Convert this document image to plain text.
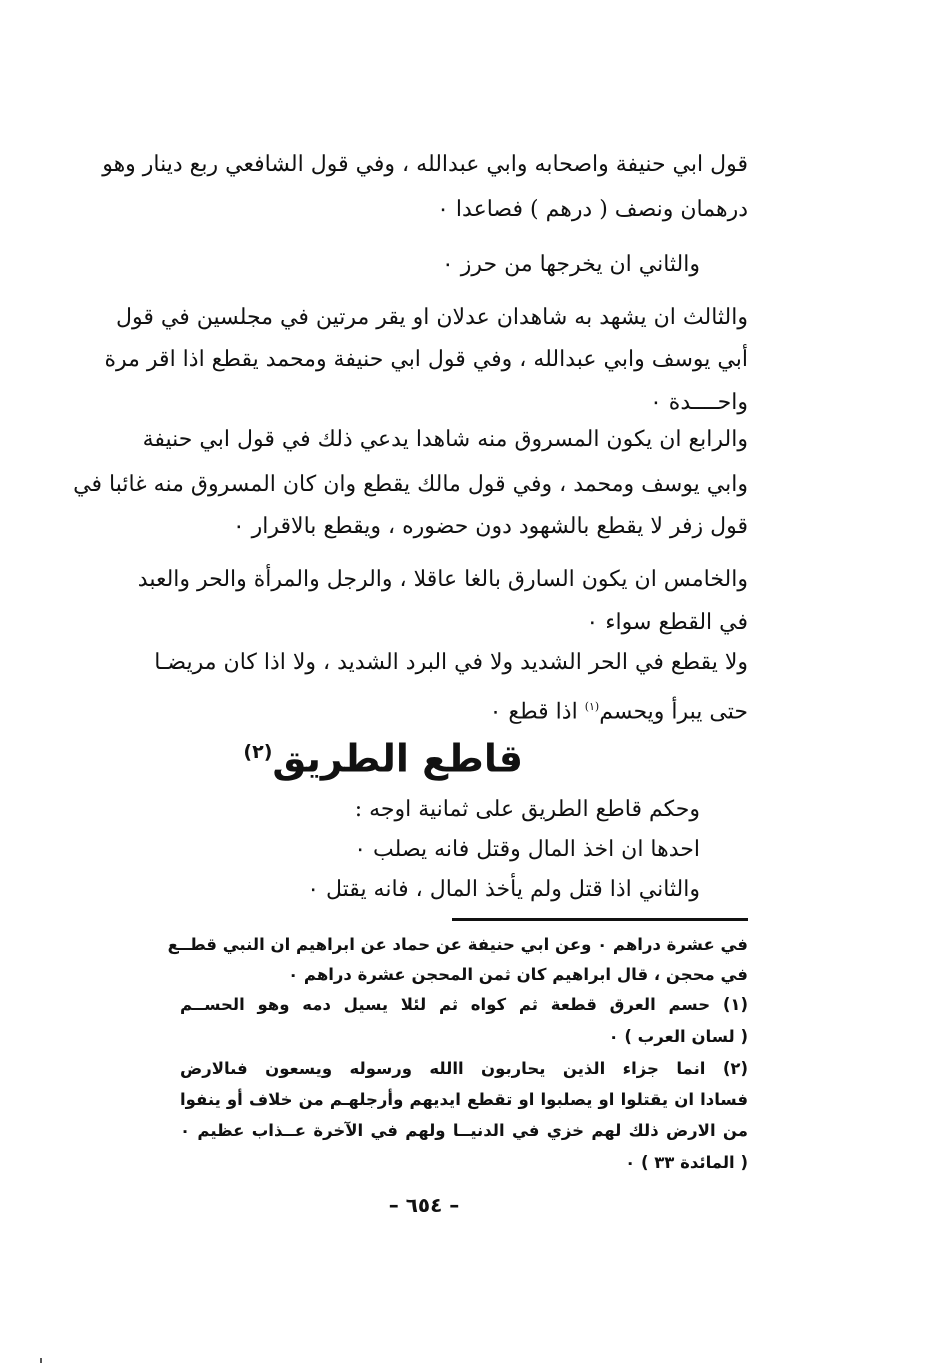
قول ابي حنيفة واصحابه وابي عبدالله ، وفي قول الشافعي ربع دينار وهو
درهمان ونصف ( درهم ) فصاعدا ٠
والثاني ان يخرجها من حرز ٠
والثالث ان يشهد به شاهدان عدلان او يقر مرتين في مجلسين في قول
أبي يوسف وابي عبدالله ، وفي قول ابي حنيفة ومحمد يقطع اذا اقر مرة
واحــــدة ٠
والرابع ان يكون المسروق منه شاهدا يدعي ذلك في قول ابي حنيفة
وابي يوسف ومحمد ، وفي قول مالك يقطع وان كان المسروق منه غائبا في
قول زفر لا يقطع بالشهود دون حضوره ، ويقطع بالاقرار ٠
والخامس ان يكون السارق بالغا عاقلا ، والرجل والمرأة والحر والعبد
في القطع سواء ٠
ولا يقطع في الحر الشديد ولا في البرد الشديد ، ولا اذا كان مريضـا
حتى يبرأ ويحسم$^{(١)}$ اذا قطع ٠
قاطع الطريق$^{(٢)}$
وحكم قاطع الطريق على ثمانية اوجه :
احدها ان اخذ المال وقتل فانه يصلب ٠
والثاني اذا قتل ولم يأخذ المال ، فانه يقتل ٠
في عشرة دراهم ٠ وعن ابي حنيفة عن حماد عن ابراهيم ان النبي قطــع
في محجن ، قال ابراهيم كان ثمن المحجن عشرة دراهم ٠
(١) حسم العرق قطعة ثم كواه ثم لئلا يسيل دمه وهو الحســم
( لسان العرب ) ٠
(٢) انما جزاء الذين يحاربون االله ورسوله ويسعون فىالارض
فسادا ان يقتلوا او يصلبوا او تقطع ايديهم وأرجلهـم من خلاف أو ينفوا
من الارض ذلك لهم خزي في الدنيــا ولهم في الآخرة عــذاب عظيم ٠
( المائدة ٣٣ ) ٠
– ٦٥٤ –
